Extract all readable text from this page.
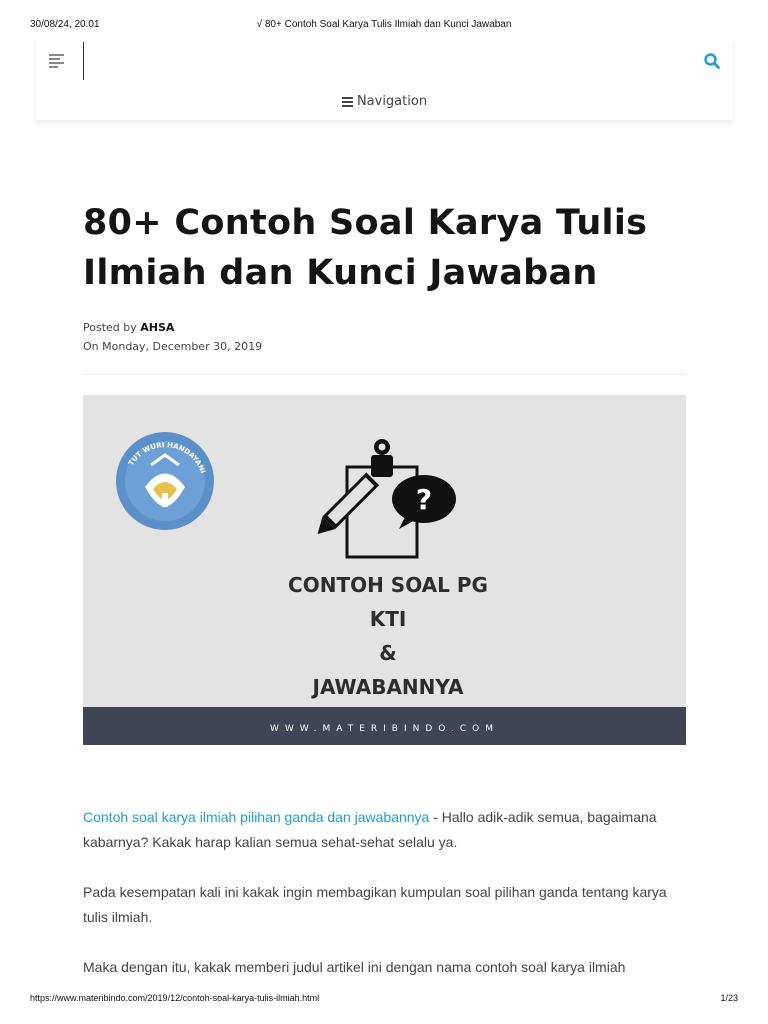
30/08/24, 20.01	√ 80+ Contoh Soal Karya Tulis Ilmiah dan Kunci Jawaban
Navigation
80+ Contoh Soal Karya Tulis Ilmiah dan Kunci Jawaban
Posted by AHSA
On Monday, December 30, 2019
TUT WURI HANDAYANI
?
CONTOH SOAL PG
KTI
&
JAWABANNYA
WWW.MATERIBINDO.COM

Contoh soal karya ilmiah pilihan ganda dan jawabannya - Hallo adik-adik semua, bagaimana kabarnya? Kakak harap kalian semua sehat-sehat selalu ya.

Pada kesempatan kali ini kakak ingin membagikan kumpulan soal pilihan ganda tentang karya tulis ilmiah.

Maka dengan itu, kakak memberi judul artikel ini dengan nama contoh soal karya ilmiah

https://www.materibindo.com/2019/12/contoh-soal-karya-tulis-ilmiah.html	1/23
